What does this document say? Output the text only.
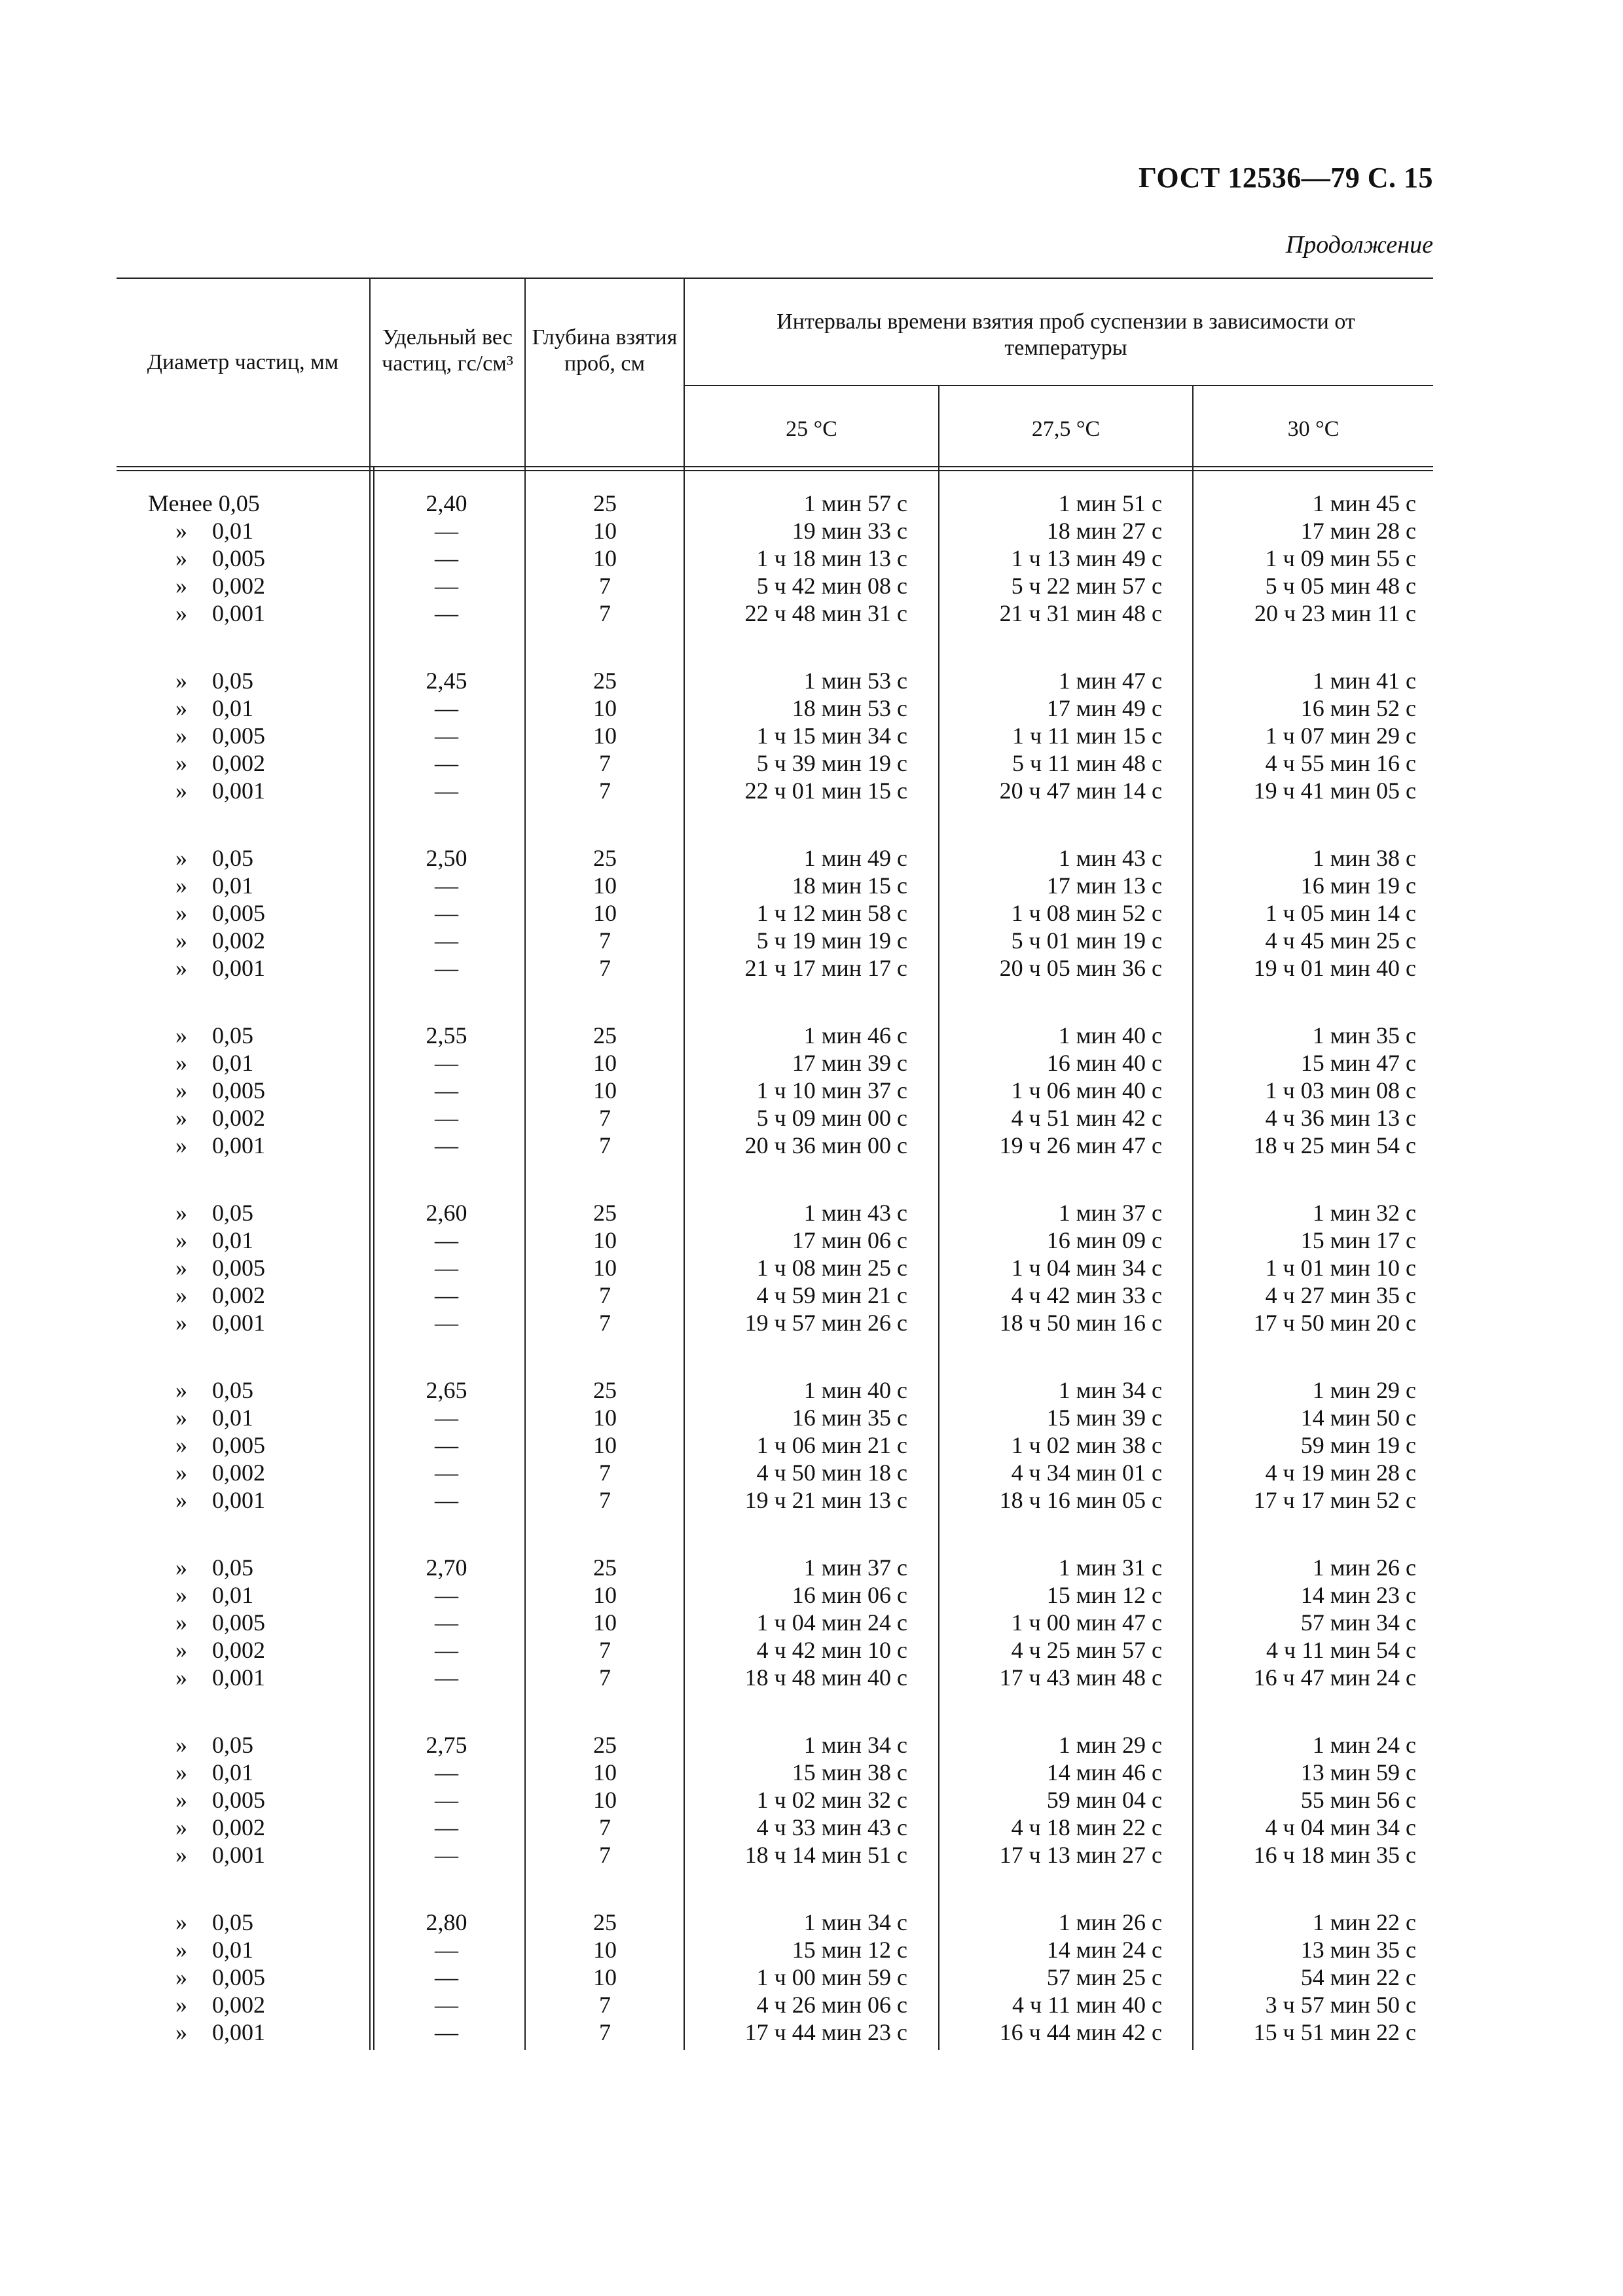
ГОСТ 12536—79 С. 15
Продолжение
Диаметр частиц, мм
Удельный вес частиц, гс/см³
Глубина взятия проб, см
Интервалы времени взятия проб суспензии в зависимости от температуры
25 °С	27,5 °С	30 °С
Менее 0,05	2,40	25	1 мин 57 с	1 мин 51 с	1 мин 45 с
» 0,01	—	10	19 мин 33 с	18 мин 27 с	17 мин 28 с
» 0,005	—	10	1 ч 18 мин 13 с	1 ч 13 мин 49 с	1 ч 09 мин 55 с
» 0,002	—	7	5 ч 42 мин 08 с	5 ч 22 мин 57 с	5 ч 05 мин 48 с
» 0,001	—	7	22 ч 48 мин 31 с	21 ч 31 мин 48 с	20 ч 23 мин 11 с
» 0,05	2,45	25	1 мин 53 с	1 мин 47 с	1 мин 41 с
» 0,01	—	10	18 мин 53 с	17 мин 49 с	16 мин 52 с
» 0,005	—	10	1 ч 15 мин 34 с	1 ч 11 мин 15 с	1 ч 07 мин 29 с
» 0,002	—	7	5 ч 39 мин 19 с	5 ч 11 мин 48 с	4 ч 55 мин 16 с
» 0,001	—	7	22 ч 01 мин 15 с	20 ч 47 мин 14 с	19 ч 41 мин 05 с
» 0,05	2,50	25	1 мин 49 с	1 мин 43 с	1 мин 38 с
» 0,01	—	10	18 мин 15 с	17 мин 13 с	16 мин 19 с
» 0,005	—	10	1 ч 12 мин 58 с	1 ч 08 мин 52 с	1 ч 05 мин 14 с
» 0,002	—	7	5 ч 19 мин 19 с	5 ч 01 мин 19 с	4 ч 45 мин 25 с
» 0,001	—	7	21 ч 17 мин 17 с	20 ч 05 мин 36 с	19 ч 01 мин 40 с
» 0,05	2,55	25	1 мин 46 с	1 мин 40 с	1 мин 35 с
» 0,01	—	10	17 мин 39 с	16 мин 40 с	15 мин 47 с
» 0,005	—	10	1 ч 10 мин 37 с	1 ч 06 мин 40 с	1 ч 03 мин 08 с
» 0,002	—	7	5 ч 09 мин 00 с	4 ч 51 мин 42 с	4 ч 36 мин 13 с
» 0,001	—	7	20 ч 36 мин 00 с	19 ч 26 мин 47 с	18 ч 25 мин 54 с
» 0,05	2,60	25	1 мин 43 с	1 мин 37 с	1 мин 32 с
» 0,01	—	10	17 мин 06 с	16 мин 09 с	15 мин 17 с
» 0,005	—	10	1 ч 08 мин 25 с	1 ч 04 мин 34 с	1 ч 01 мин 10 с
» 0,002	—	7	4 ч 59 мин 21 с	4 ч 42 мин 33 с	4 ч 27 мин 35 с
» 0,001	—	7	19 ч 57 мин 26 с	18 ч 50 мин 16 с	17 ч 50 мин 20 с
» 0,05	2,65	25	1 мин 40 с	1 мин 34 с	1 мин 29 с
» 0,01	—	10	16 мин 35 с	15 мин 39 с	14 мин 50 с
» 0,005	—	10	1 ч 06 мин 21 с	1 ч 02 мин 38 с	59 мин 19 с
» 0,002	—	7	4 ч 50 мин 18 с	4 ч 34 мин 01 с	4 ч 19 мин 28 с
» 0,001	—	7	19 ч 21 мин 13 с	18 ч 16 мин 05 с	17 ч 17 мин 52 с
» 0,05	2,70	25	1 мин 37 с	1 мин 31 с	1 мин 26 с
» 0,01	—	10	16 мин 06 с	15 мин 12 с	14 мин 23 с
» 0,005	—	10	1 ч 04 мин 24 с	1 ч 00 мин 47 с	57 мин 34 с
» 0,002	—	7	4 ч 42 мин 10 с	4 ч 25 мин 57 с	4 ч 11 мин 54 с
» 0,001	—	7	18 ч 48 мин 40 с	17 ч 43 мин 48 с	16 ч 47 мин 24 с
» 0,05	2,75	25	1 мин 34 с	1 мин 29 с	1 мин 24 с
» 0,01	—	10	15 мин 38 с	14 мин 46 с	13 мин 59 с
» 0,005	—	10	1 ч 02 мин 32 с	59 мин 04 с	55 мин 56 с
» 0,002	—	7	4 ч 33 мин 43 с	4 ч 18 мин 22 с	4 ч 04 мин 34 с
» 0,001	—	7	18 ч 14 мин 51 с	17 ч 13 мин 27 с	16 ч 18 мин 35 с
» 0,05	2,80	25	1 мин 34 с	1 мин 26 с	1 мин 22 с
» 0,01	—	10	15 мин 12 с	14 мин 24 с	13 мин 35 с
» 0,005	—	10	1 ч 00 мин 59 с	57 мин 25 с	54 мин 22 с
» 0,002	—	7	4 ч 26 мин 06 с	4 ч 11 мин 40 с	3 ч 57 мин 50 с
» 0,001	—	7	17 ч 44 мин 23 с	16 ч 44 мин 42 с	15 ч 51 мин 22 с
